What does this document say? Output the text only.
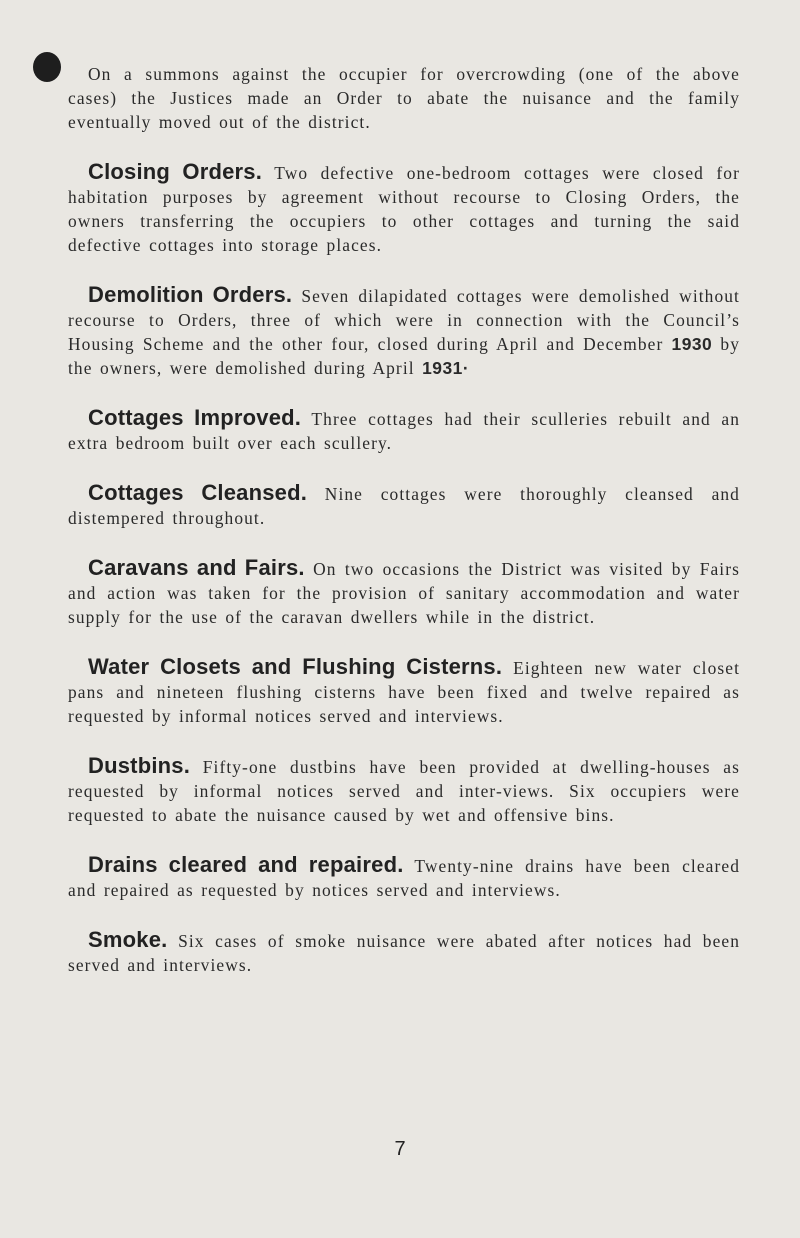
On a summons against the occupier for overcrowding (one of the above cases) the Justices made an Order to abate the nuisance and the family eventually moved out of the district.

Closing Orders. Two defective one-bedroom cottages were closed for habitation purposes by agreement without recourse to Closing Orders, the owners transferring the occupiers to other cottages and turning the said defective cottages into storage places.

Demolition Orders. Seven dilapidated cottages were demolished without recourse to Orders, three of which were in connection with the Council’s Housing Scheme and the other four, closed during April and December 1930 by the owners, were demolished during April 1931·

Cottages Improved. Three cottages had their sculleries rebuilt and an extra bedroom built over each scullery.

Cottages Cleansed. Nine cottages were thoroughly cleansed and distempered throughout.

Caravans and Fairs. On two occasions the District was visited by Fairs and action was taken for the provision of sanitary accommodation and water supply for the use of the caravan dwellers while in the district.

Water Closets and Flushing Cisterns. Eighteen new water closet pans and nineteen flushing cisterns have been fixed and twelve repaired as requested by informal notices served and interviews.

Dustbins. Fifty-one dustbins have been provided at dwelling-houses as requested by informal notices served and inter-views. Six occupiers were requested to abate the nuisance caused by wet and offensive bins.

Drains cleared and repaired. Twenty-nine drains have been cleared and repaired as requested by notices served and interviews.

Smoke. Six cases of smoke nuisance were abated after notices had been served and interviews.

7
